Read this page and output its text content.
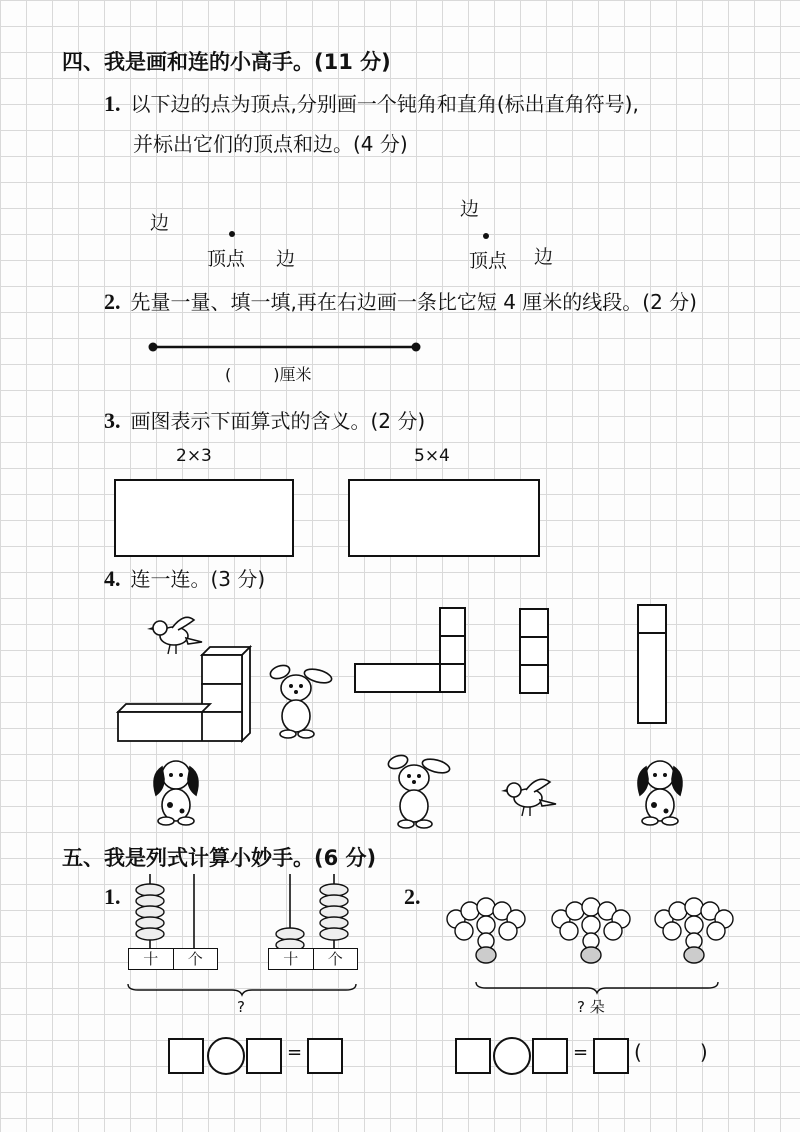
四、我是画和连的小高手。(11 分)
1. 以下边的点为顶点,分别画一个钝角和直角(标出直角符号),
并标出它们的顶点和边。(4 分)
边
顶点 边
边
顶点 边
2. 先量一量、填一填,再在右边画一条比它短 4 厘米的线段。(2 分)
(	)厘米
3. 画图表示下面算式的含义。(2 分)
2×3	5×4
4. 连一连。(3 分)
五、我是列式计算小妙手。(6 分)
1.
十	个	十	个
?
=
2.
? 朵
= (	)
